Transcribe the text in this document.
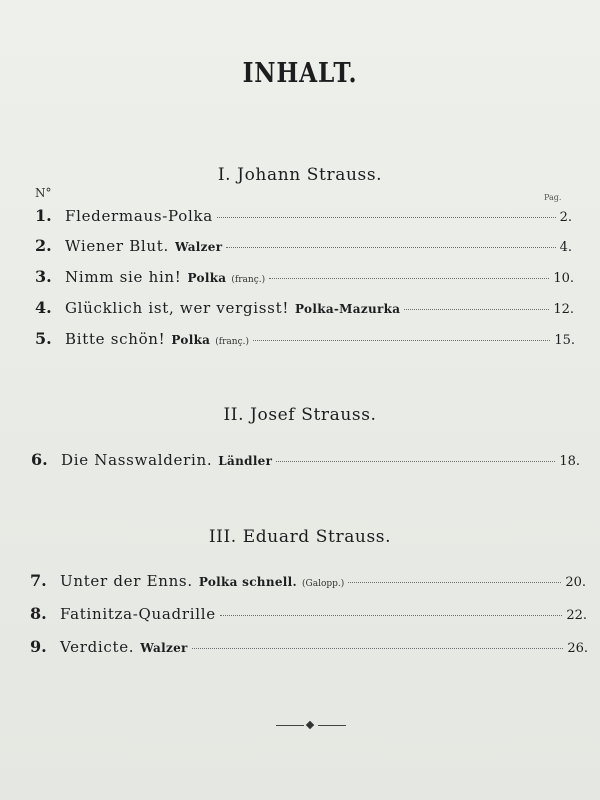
INHALT.
I. Johann Strauss.
N°	Pag.
1. Fledermaus-Polka	2.
2. Wiener Blut. Walzer	4.
3. Nimm sie hin! Polka (franç.)	10.
4. Glücklich ist, wer vergisst! Polka-Mazurka	12.
5. Bitte schön! Polka (franç.)	15.
II. Josef Strauss.
6. Die Nasswalderin. Ländler	18.
III. Eduard Strauss.
7. Unter der Enns. Polka schnell. (Galopp.)	20.
8. Fatinitza-Quadrille	22.
9. Verdicte. Walzer	26.
